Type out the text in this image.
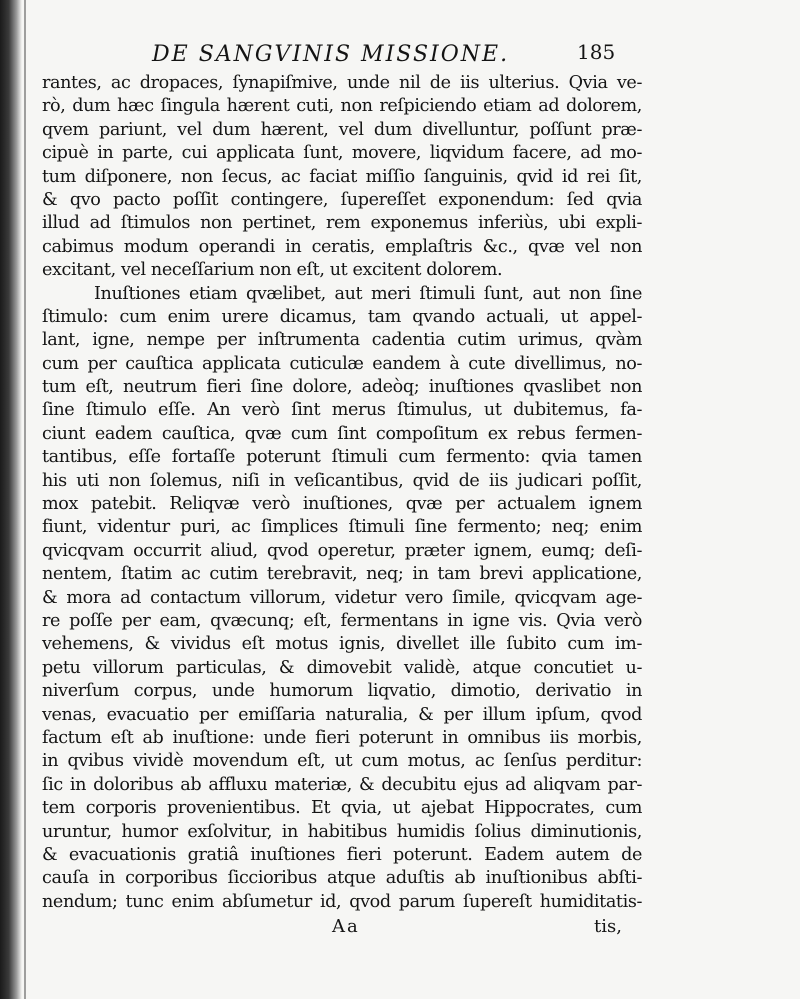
DE SANGVINIS MISSIONE.	185
rantes, ac dropaces, ſynapiſmive, unde nil de iis ulterius. Qvia ve-
rò, dum hæc ſingula hærent cuti, non reſpiciendo etiam ad dolorem,
qvem pariunt, vel dum hærent, vel dum divelluntur, poſſunt præ-
cipuè in parte, cui applicata ſunt, movere, liqvidum facere, ad mo-
tum diſponere, non ſecus, ac faciat miſſio ſanguinis, qvid id rei ſit,
& qvo pacto poſſit contingere, ſupereſſet exponendum: ſed qvia
illud ad ſtimulos non pertinet, rem exponemus inferiùs, ubi expli-
cabimus modum operandi in ceratis, emplaſtris &c., qvæ vel non
excitant, vel neceſſarium non eſt, ut excitent dolorem.
Inuſtiones etiam qvælibet, aut meri ſtimuli ſunt, aut non ſine
ſtimulo: cum enim urere dicamus, tam qvando actuali, ut appel-
lant, igne, nempe per inſtrumenta cadentia cutim urimus, qvàm
cum per cauſtica applicata cuticulæ eandem à cute divellimus, no-
tum eſt, neutrum fieri ſine dolore, adeòq; inuſtiones qvaslibet non
ſine ſtimulo eſſe. An verò ſint merus ſtimulus, ut dubitemus, fa-
ciunt eadem cauſtica, qvæ cum ſint compoſitum ex rebus fermen-
tantibus, eſſe fortaſſe poterunt ſtimuli cum fermento: qvia tamen
his uti non ſolemus, niſi in veſicantibus, qvid de iis judicari poſſit,
mox patebit. Reliqvæ verò inuſtiones, qvæ per actualem ignem
fiunt, videntur puri, ac ſimplices ſtimuli ſine fermento; neq; enim
qvicqvam occurrit aliud, qvod operetur, præter ignem, eumq; deſi-
nentem, ſtatim ac cutim terebravit, neq; in tam brevi applicatione,
& mora ad contactum villorum, videtur vero ſimile, qvicqvam age-
re poſſe per eam, qvæcunq; eſt, fermentans in igne vis. Qvia verò
vehemens, & vividus eſt motus ignis, divellet ille ſubito cum im-
petu villorum particulas, & dimovebit validè, atque concutiet u-
niverſum corpus, unde humorum liqvatio, dimotio, derivatio in
venas, evacuatio per emiſſaria naturalia, & per illum ipſum, qvod
factum eſt ab inuſtione: unde fieri poterunt in omnibus iis morbis,
in qvibus vividè movendum eſt, ut cum motus, ac ſenſus perditur:
ſic in doloribus ab affluxu materiæ, & decubitu ejus ad aliqvam par-
tem corporis provenientibus. Et qvia, ut ajebat Hippocrates, cum
uruntur, humor exſolvitur, in habitibus humidis ſolius diminutionis,
& evacuationis gratiâ inuſtiones fieri poterunt. Eadem autem de
cauſa in corporibus ſiccioribus atque aduſtis ab inuſtionibus abſti-
nendum; tunc enim abſumetur id, qvod parum ſupereſt humiditatis-
Aa	tis,
